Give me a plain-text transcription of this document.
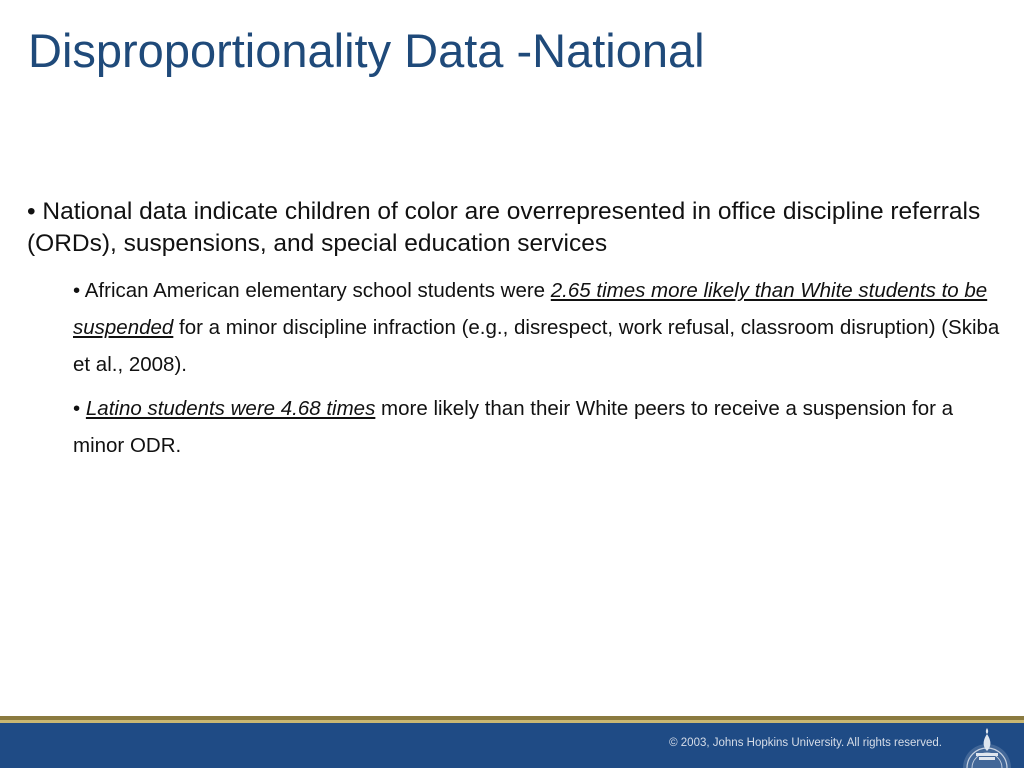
Disproportionality Data -National

• National data indicate children of color are overrepresented in office discipline referrals (ORDs), suspensions, and special education services

• African American elementary school students were 2.65 times more likely than White students to be suspended for a minor discipline infraction (e.g., disrespect, work refusal, classroom disruption) (Skiba et al., 2008).

• Latino students were 4.68 times more likely than their White peers to receive a suspension for a minor ODR.

© 2003, Johns Hopkins University. All rights reserved.
